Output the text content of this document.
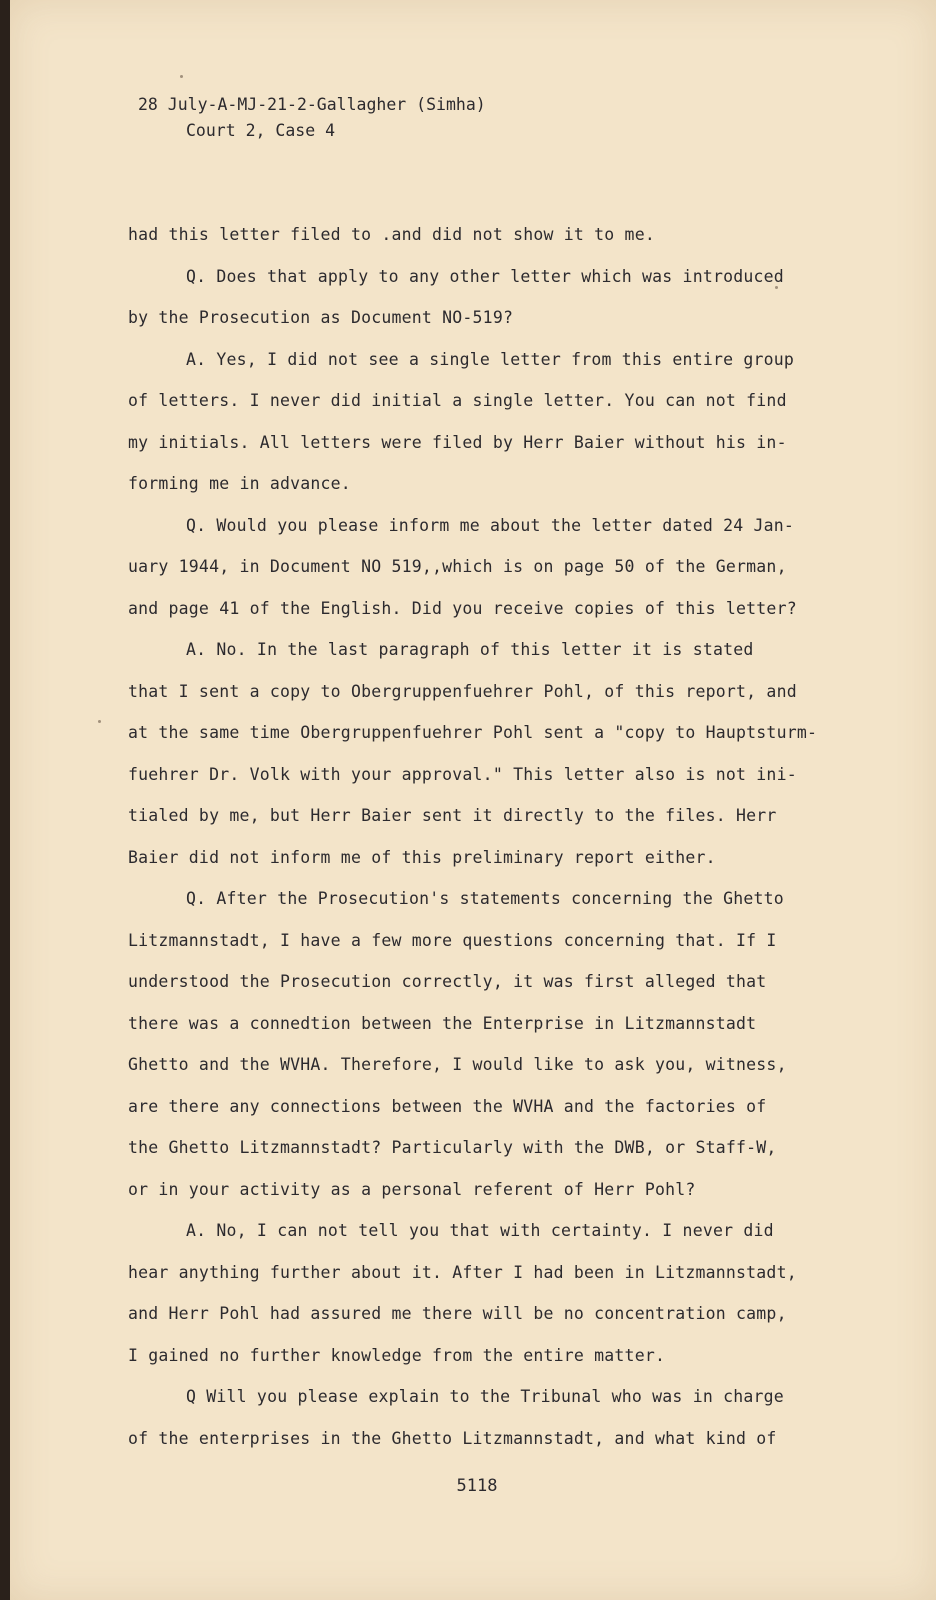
28 July-A-MJ-21-2-Gallagher (Simha)
Court 2, Case 4
had this letter filed to .and did not show it to me.
Q. Does that apply to any other letter which was introduced
by the Prosecution as Document NO-519?
A. Yes, I did not see a single letter from this entire group
of letters. I never did initial a single letter. You can not find
my initials. All letters were filed by Herr Baier without his in-
forming me in advance.
Q. Would you please inform me about the letter dated 24 Jan-
uary 1944, in Document NO 519,,which is on page 50 of the German,
and page 41 of the English. Did you receive copies of this letter?
A. No. In the last paragraph of this letter it is stated
that I sent a copy to Obergruppenfuehrer Pohl, of this report, and
at the same time Obergruppenfuehrer Pohl sent a "copy to Hauptsturm-
fuehrer Dr. Volk with your approval." This letter also is not ini-
tialed by me, but Herr Baier sent it directly to the files. Herr
Baier did not inform me of this preliminary report either.
Q. After the Prosecution's statements concerning the Ghetto
Litzmannstadt, I have a few more questions concerning that. If I
understood the Prosecution correctly, it was first alleged that
there was a connedtion between the Enterprise in Litzmannstadt
Ghetto and the WVHA. Therefore, I would like to ask you, witness,
are there any connections between the WVHA and the factories of
the Ghetto Litzmannstadt? Particularly with the DWB, or Staff-W,
or in your activity as a personal referent of Herr Pohl?
A. No, I can not tell you that with certainty. I never did
hear anything further about it. After I had been in Litzmannstadt,
and Herr Pohl had assured me there will be no concentration camp,
I gained no further knowledge from the entire matter.
Q Will you please explain to the Tribunal who was in charge
of the enterprises in the Ghetto Litzmannstadt, and what kind of
5118
